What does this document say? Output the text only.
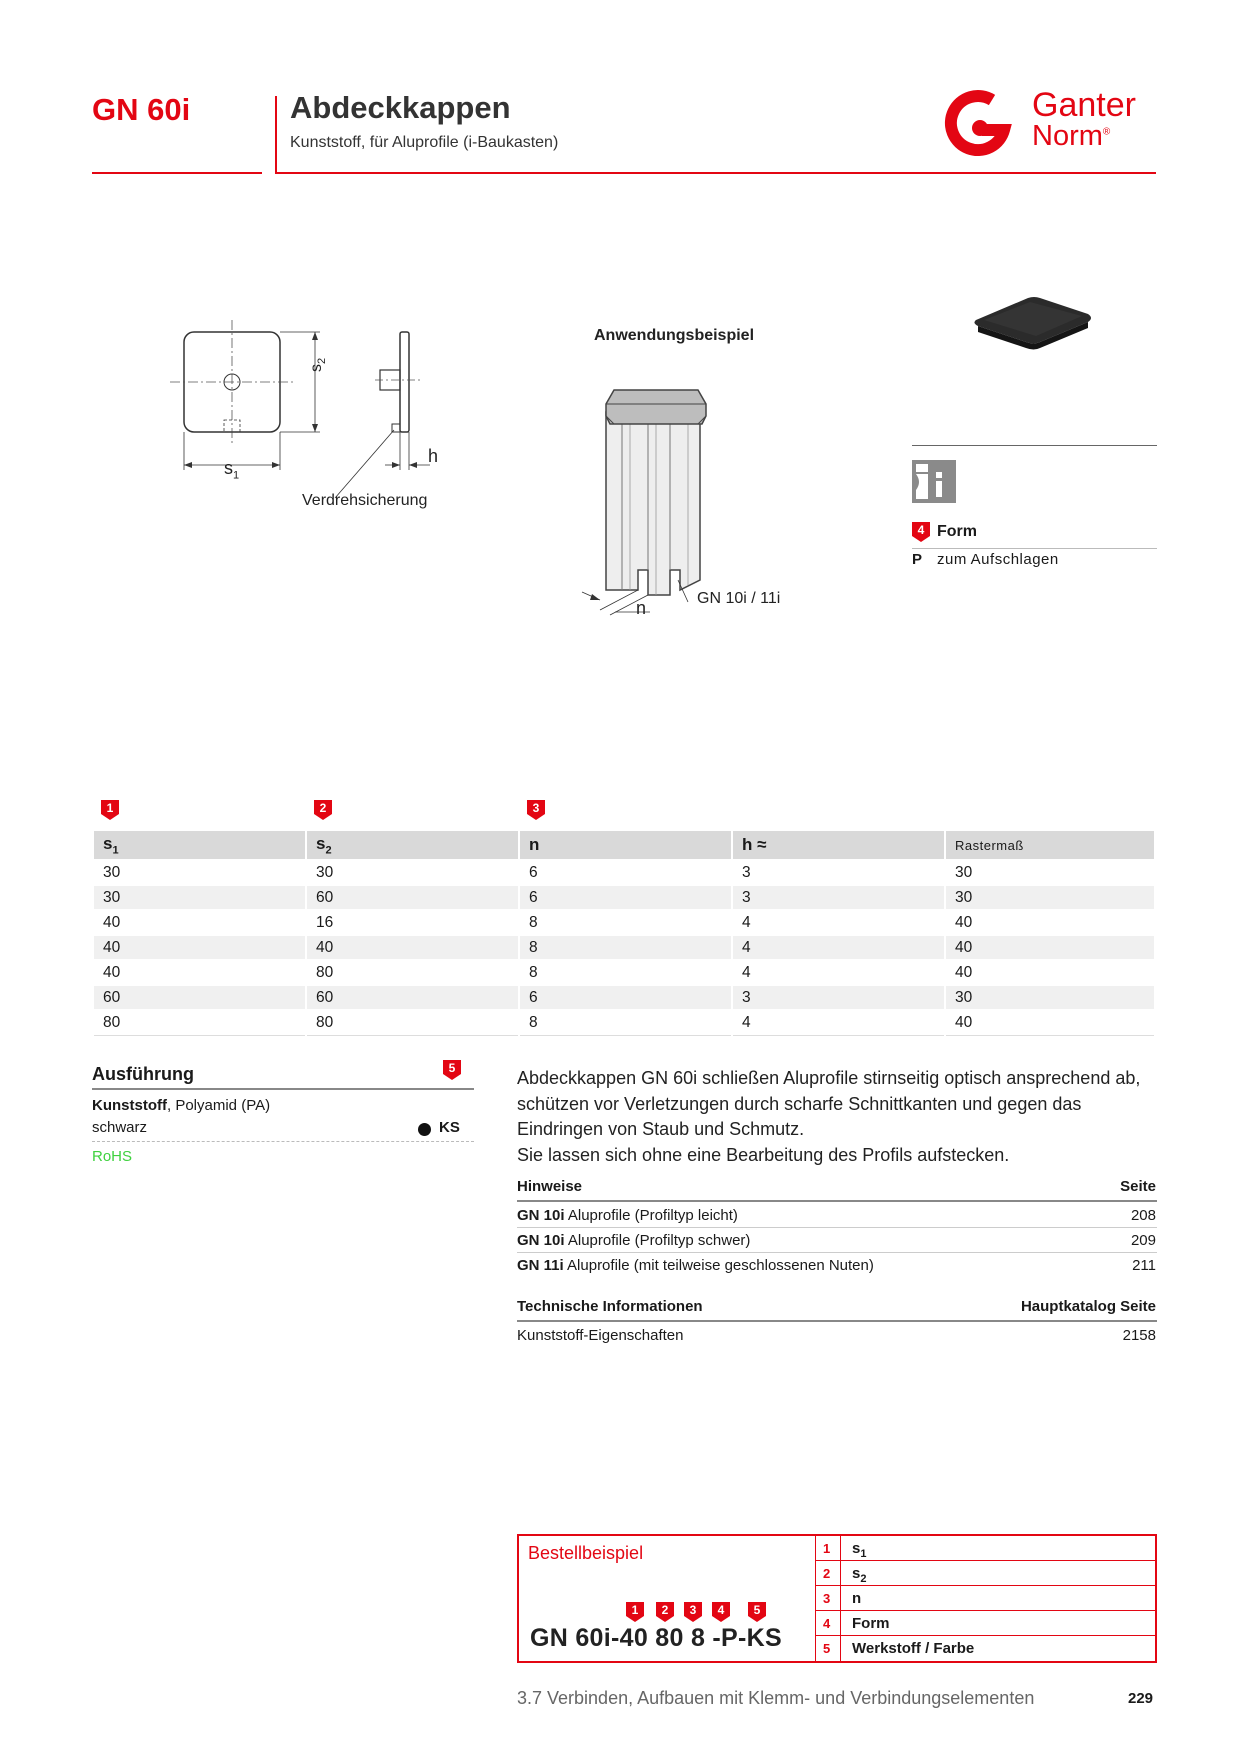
GN 60i	Abdeckkappen
Kunststoff, für Aluprofile (i-Baukasten)
Ganter
Norm®
$s_2$
$s_1$
h
Verdrehsicherung
Anwendungsbeispiel
n	GN 10i / 11i
4 Form
P zum Aufschlagen
1	2	3
$s_1$	$s_2$	n	h ≈	Rastermaß
30	30	6	3	30
30	60	6	3	30
40	16	8	4	40
40	40	8	4	40
40	80	8	4	40
60	60	6	3	30
80	80	8	4	40
Ausführung	5
Kunststoff, Polyamid (PA)
schwarz	KS
RoHS
Abdeckkappen GN 60i schließen Aluprofile stirnseitig optisch ansprechend ab, schützen vor Verletzungen durch scharfe Schnittkanten und gegen das Eindringen von Staub und Schmutz.
Sie lassen sich ohne eine Bearbeitung des Profils aufstecken.
Hinweise	Seite
GN 10i Aluprofile (Profiltyp leicht)	208
GN 10i Aluprofile (Profiltyp schwer)	209
GN 11i Aluprofile (mit teilweise geschlossenen Nuten)	211
Technische Informationen	Hauptkatalog Seite
Kunststoff-Eigenschaften	2158
Bestellbeispiel
1 2 3 4 5
GN 60i-40 80 8 -P-KS
1 $s_1$
2 $s_2$
3 n
4 Form
5 Werkstoff / Farbe
3.7 Verbinden, Aufbauen mit Klemm- und Verbindungselementen	229
